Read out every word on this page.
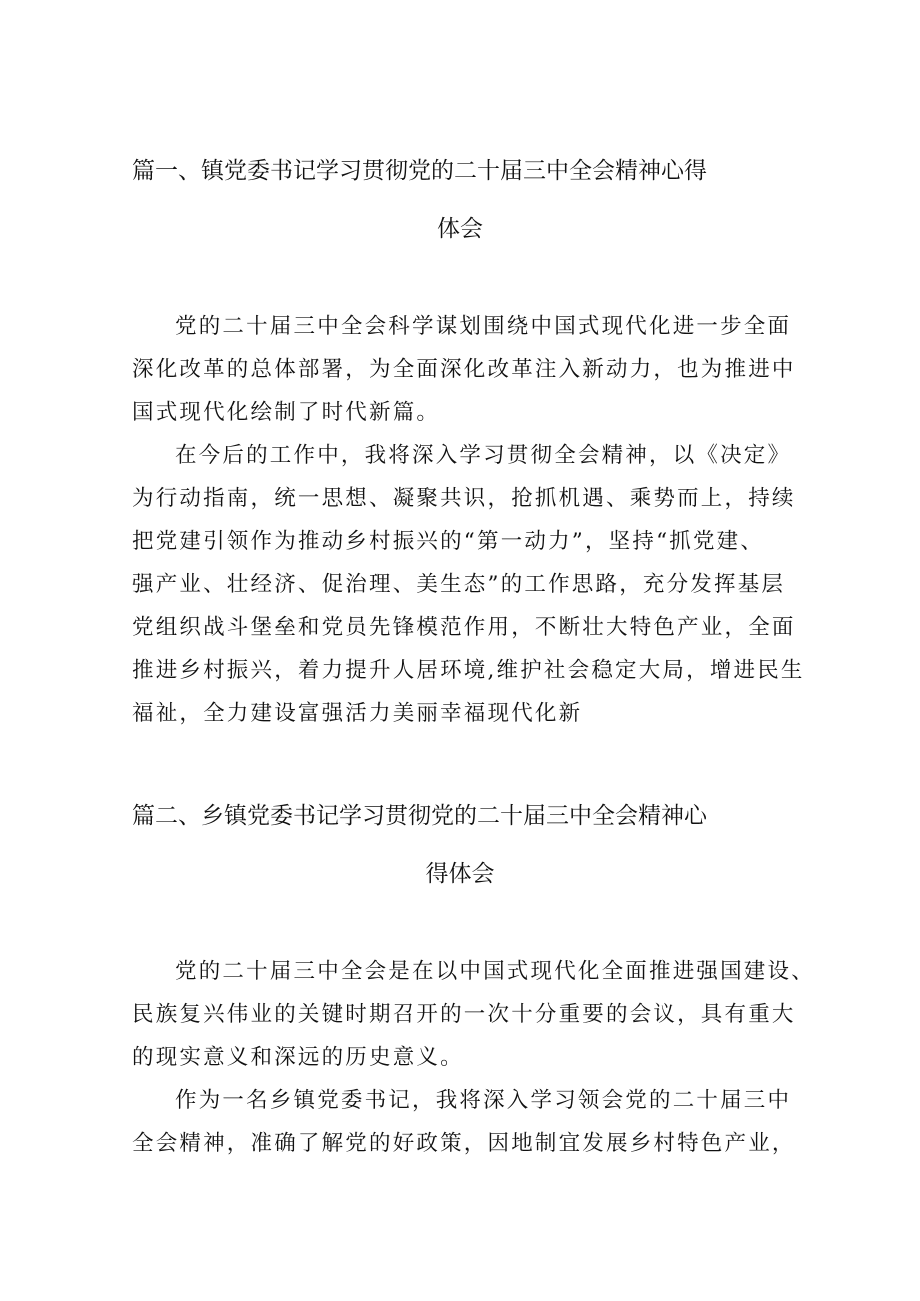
篇一、镇党委书记学习贯彻党的二十届三中全会精神心得
体会
党的二十届三中全会科学谋划围绕中国式现代化进一步全面
深化改革的总体部署，为全面深化改革注入新动力，也为推进中
国式现代化绘制了时代新篇。
在今后的工作中，我将深入学习贯彻全会精神，以《决定》
为行动指南，统一思想、凝聚共识，抢抓机遇、乘势而上，持续
把党建引领作为推动乡村振兴的“第一动力”，坚持“抓党建、
强产业、壮经济、促治理、美生态”的工作思路，充分发挥基层
党组织战斗堡垒和党员先锋模范作用，不断壮大特色产业，全面
推进乡村振兴，着力提升人居环境,维护社会稳定大局，增进民生
福祉，全力建设富强活力美丽幸福现代化新
篇二、乡镇党委书记学习贯彻党的二十届三中全会精神心
得体会
党的二十届三中全会是在以中国式现代化全面推进强国建设、
民族复兴伟业的关键时期召开的一次十分重要的会议，具有重大
的现实意义和深远的历史意义。
作为一名乡镇党委书记，我将深入学习领会党的二十届三中
全会精神，准确了解党的好政策，因地制宜发展乡村特色产业，
